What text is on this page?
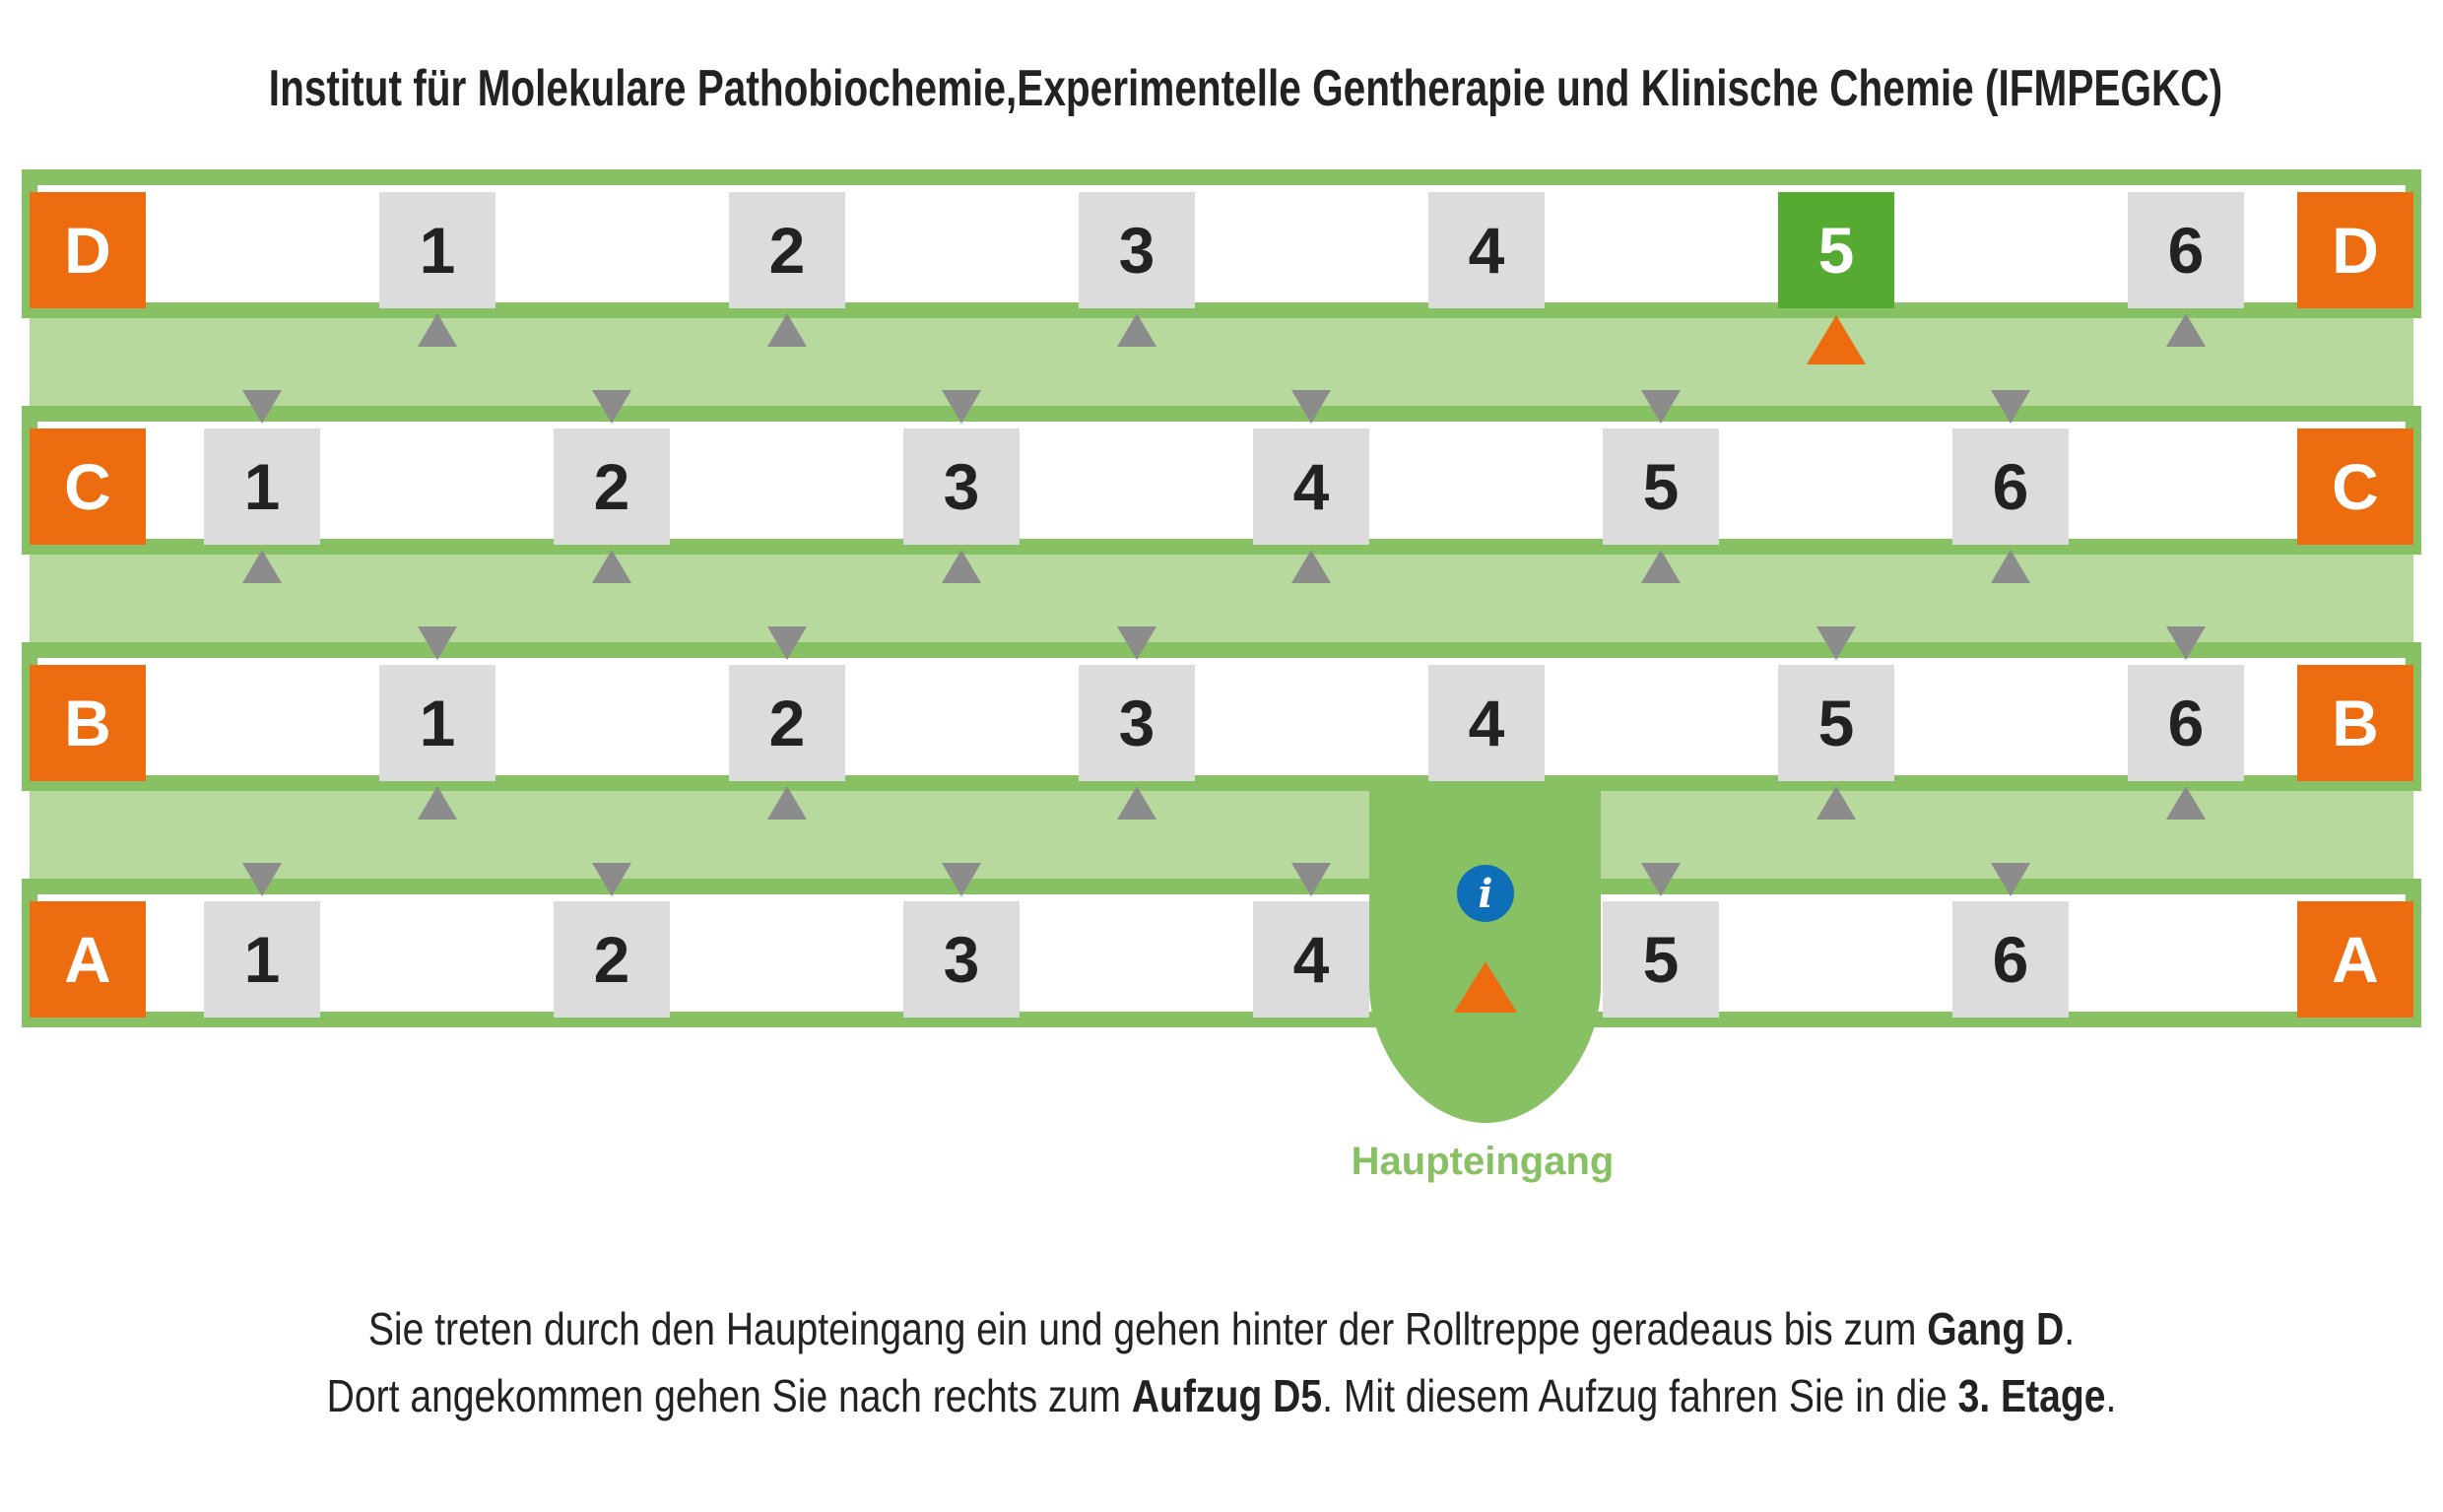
Institut für Molekulare Pathobiochemie,Experimentelle Gentherapie und Klinische Chemie (IFMPEGKC)
D	D
1	2	3	4	5	6
C	C
1	2	3	4	5	6
B	B
1	2	3	4	5	6
A	A
1	2	3	4	5	6
i
Haupteingang
Sie treten durch den Haupteingang ein und gehen hinter der Rolltreppe geradeaus bis zum Gang D.
Dort angekommen gehen Sie nach rechts zum Aufzug D5. Mit diesem Aufzug fahren Sie in die 3. Etage.
